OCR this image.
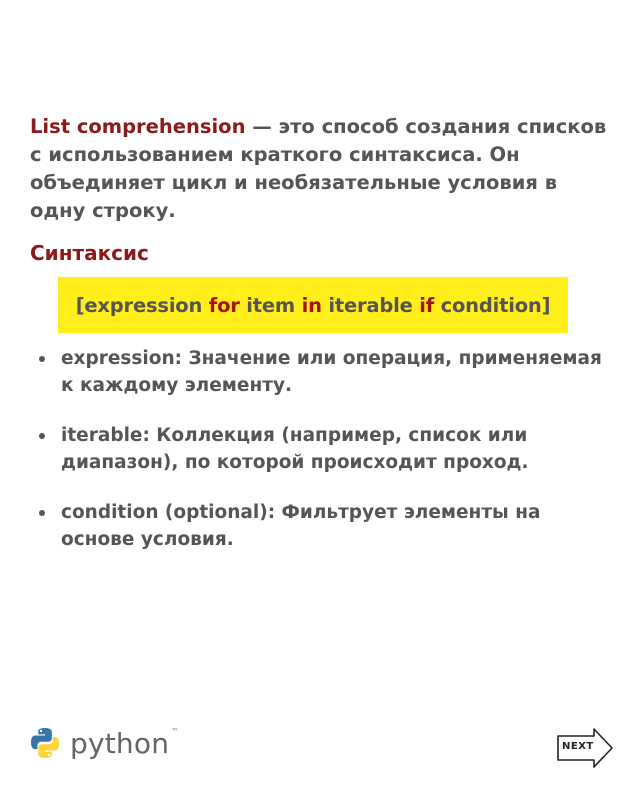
List comprehension — это способ создания списков с использованием краткого синтаксиса. Он объединяет цикл и необязательные условия в одну строку.

Синтаксис
[expression for item in iterable if condition]
expression: Значение или операция, применяемая к каждому элементу.
iterable: Коллекция (например, список или диапазон), по которой происходит проход.
condition (optional): Фильтрует элементы на основе условия.
python ™
NEXT
